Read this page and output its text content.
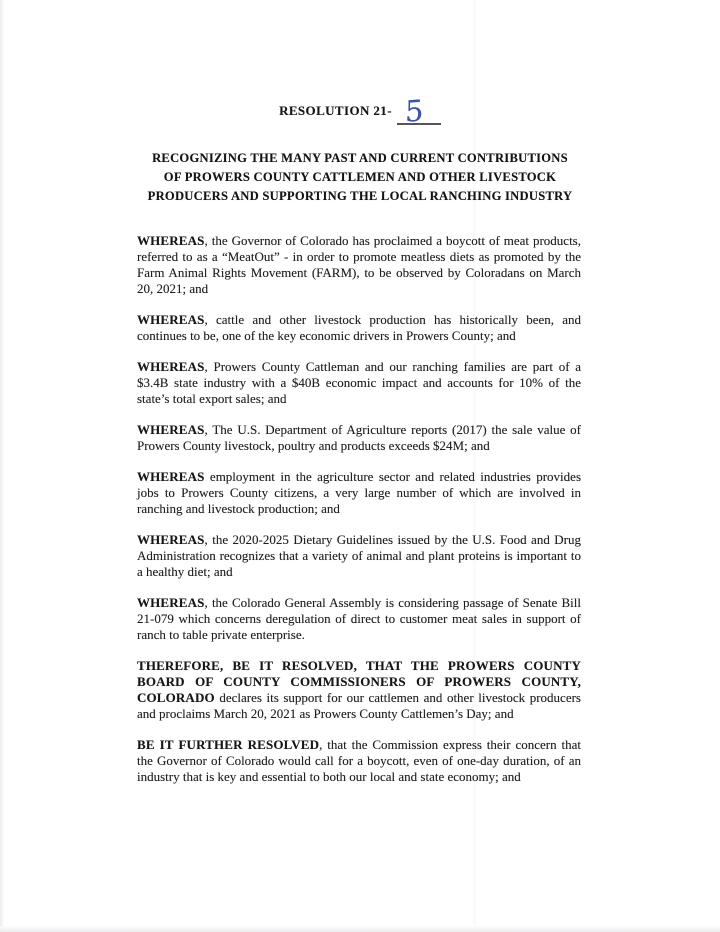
RESOLUTION 21- 5
RECOGNIZING THE MANY PAST AND CURRENT CONTRIBUTIONS
OF PROWERS COUNTY CATTLEMEN AND OTHER LIVESTOCK
PRODUCERS AND SUPPORTING THE LOCAL RANCHING INDUSTRY

WHEREAS, the Governor of Colorado has proclaimed a boycott of meat products, referred to as a “MeatOut” - in order to promote meatless diets as promoted by the Farm Animal Rights Movement (FARM), to be observed by Coloradans on March 20, 2021; and

WHEREAS, cattle and other livestock production has historically been, and continues to be, one of the key economic drivers in Prowers County; and

WHEREAS, Prowers County Cattleman and our ranching families are part of a $3.4B state industry with a $40B economic impact and accounts for 10% of the state’s total export sales; and

WHEREAS, The U.S. Department of Agriculture reports (2017) the sale value of Prowers County livestock, poultry and products exceeds $24M; and

WHEREAS employment in the agriculture sector and related industries provides jobs to Prowers County citizens, a very large number of which are involved in ranching and livestock production; and

WHEREAS, the 2020-2025 Dietary Guidelines issued by the U.S. Food and Drug Administration recognizes that a variety of animal and plant proteins is important to a healthy diet; and

WHEREAS, the Colorado General Assembly is considering passage of Senate Bill 21-079 which concerns deregulation of direct to customer meat sales in support of ranch to table private enterprise.

THEREFORE, BE IT RESOLVED, THAT THE PROWERS COUNTY BOARD OF COUNTY COMMISSIONERS OF PROWERS COUNTY, COLORADO declares its support for our cattlemen and other livestock producers and proclaims March 20, 2021 as Prowers County Cattlemen’s Day; and

BE IT FURTHER RESOLVED, that the Commission express their concern that the Governor of Colorado would call for a boycott, even of one-day duration, of an industry that is key and essential to both our local and state economy; and
